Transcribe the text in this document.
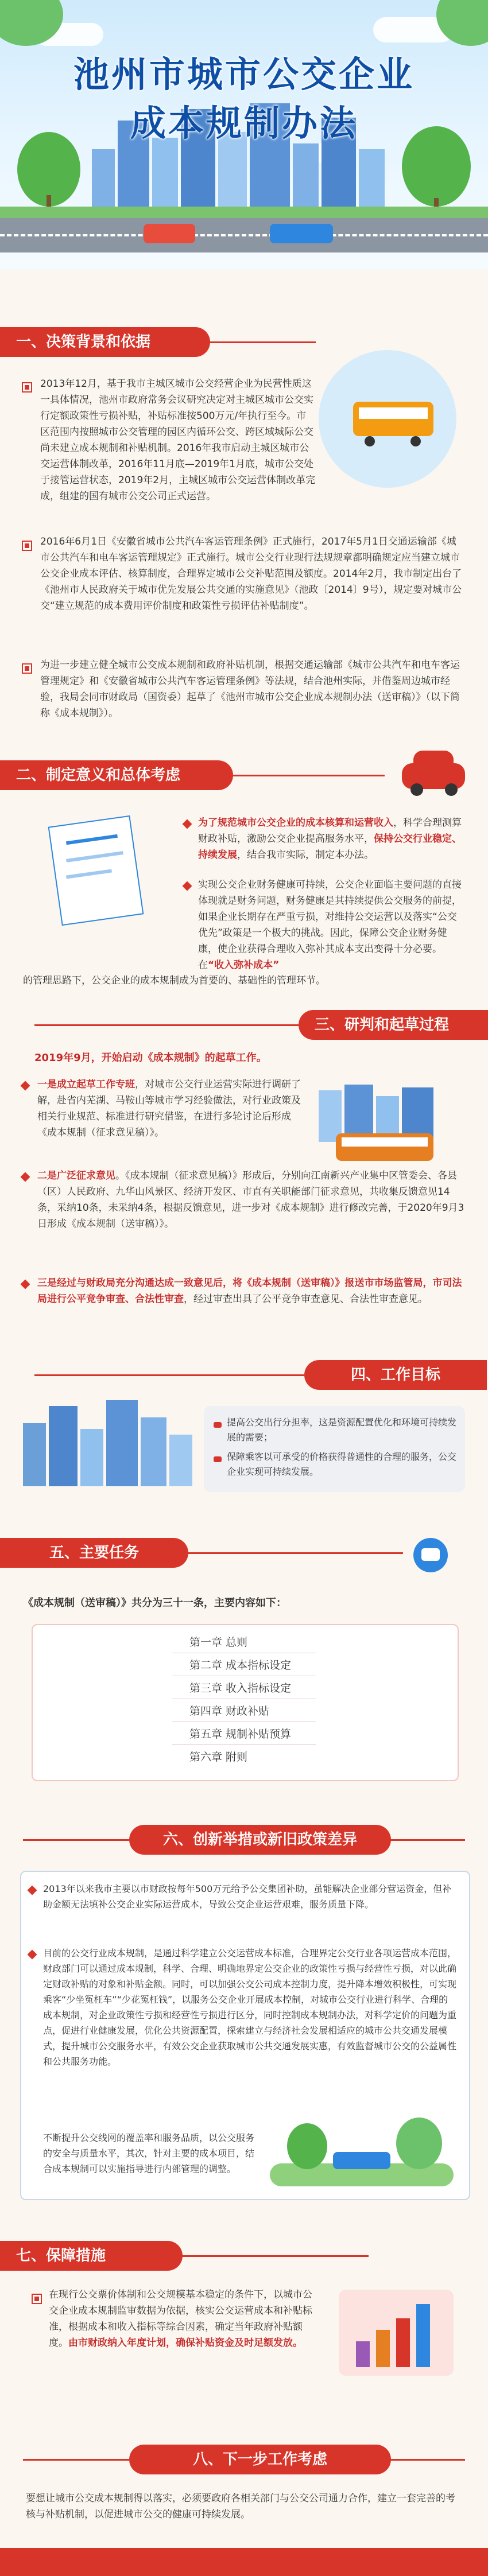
池州市城市公交企业
成本规制办法
一、决策背景和依据
2013年12月，基于我市主城区城市公交经营企业为民营性质这一具体情况，池州市政府常务会议研究决定对主城区城市公交实行定额政策性亏损补贴，补贴标准按500万元/年执行至今。市区范围内按照城市公交管理的园区内循环公交、跨区域城际公交尚未建立成本规制和补贴机制。2016年我市启动主城区城市公交运营体制改革，2016年11月底—2019年1月底，城市公交处于接管运营状态，2019年2月，主城区城市公交运营体制改革完成，组建的国有城市公交公司正式运营。
2016年6月1日《安徽省城市公共汽车客运管理条例》正式施行，2017年5月1日交通运输部《城市公共汽车和电车客运管理规定》正式施行。城市公交行业现行法规规章都明确规定应当建立城市公交企业成本评估、核算制度，合理界定城市公交补贴范围及额度。2014年2月，我市制定出台了《池州市人民政府关于城市优先发展公共交通的实施意见》（池政〔2014〕9号），规定要对城市公交“建立规范的成本费用评价制度和政策性亏损评估补贴制度”。
为进一步建立健全城市公交成本规制和政府补贴机制，根据交通运输部《城市公共汽车和电车客运管理规定》和《安徽省城市公共汽车客运管理条例》等法规，结合池州实际，并借鉴周边城市经验，我局会同市财政局（国资委）起草了《池州市城市公交企业成本规制办法（送审稿）》（以下简称《成本规制》）。
二、制定意义和总体考虑
为了规范城市公交企业的成本核算和运营收入，科学合理测算财政补贴，激励公交企业提高服务水平，保持公交行业稳定、持续发展，结合我市实际，制定本办法。
实现公交企业财务健康可持续，公交企业面临主要问题的直接体现就是财务问题，财务健康是其持续提供公交服务的前提，如果企业长期存在严重亏损，对维持公交运营以及落实“公交优先”政策是一个极大的挑战。因此，保障公交企业财务健康，使企业获得合理收入弥补其成本支出变得十分必要。在“收入弥补成本”
的管理思路下，公交企业的成本规制成为首要的、基础性的管理环节。
三、研判和起草过程
2019年9月，开始启动《成本规制》的起草工作。
一是成立起草工作专班，对城市公交行业运营实际进行调研了解，赴省内芜湖、马鞍山等城市学习经验做法，对行业政策及相关行业规范、标准进行研究借鉴，在进行多轮讨论后形成《成本规制（征求意见稿）》。
二是广泛征求意见。《成本规制（征求意见稿）》形成后，分别向江南新兴产业集中区管委会、各县（区）人民政府、九华山风景区、经济开发区、市直有关职能部门征求意见，共收集反馈意见14条，采纳10条，未采纳4条，根据反馈意见，进一步对《成本规制》进行修改完善，于2020年9月3日形成《成本规制（送审稿）》。
三是经过与财政局充分沟通达成一致意见后，将《成本规制（送审稿）》报送市市场监管局，市司法局进行公平竞争审查、合法性审查，经过审查出具了公平竞争审查意见、合法性审查意见。
四、工作目标
提高公交出行分担率，这是资源配置优化和环境可持续发展的需要；
保障乘客以可承受的价格获得普通性的合理的服务，公交企业实现可持续发展。
五、主要任务
《成本规制（送审稿）》共分为三十一条，主要内容如下：
第一章 总则
第二章 成本指标设定
第三章 收入指标设定
第四章 财政补贴
第五章 规制补贴预算
第六章 附则
六、创新举措或新旧政策差异
2013年以来我市主要以市财政按每年500万元给予公交集团补助，虽能解决企业部分营运资金，但补助金额无法填补公交企业实际运营成本，导致公交企业运营艰难，服务质量下降。
目前的公交行业成本规制，是通过科学建立公交运营成本标准，合理界定公交行业各项运营成本范围，财政部门可以通过成本规制，科学、合理、明确地界定公交企业的政策性亏损与经营性亏损，对以此确定财政补贴的对象和补贴金额。同时，可以加强公交公司成本控制力度，提升降本增效积极性，可实现乘客“少坐冤枉车”“少花冤枉钱”，以服务公交企业开展成本控制，对城市公交行业进行科学、合理的成本规制，对企业政策性亏损和经营性亏损进行区分，同时控制成本规制办法，对科学定价的问题为重点，促进行业健康发展，优化公共资源配置，探索建立与经济社会发展相适应的城市公共交通发展模式，提升城市公交服务水平，有效公交企业获取城市公共交通发展实惠，有效监督城市公交的公益属性和公共服务功能。
不断提升公交线网的覆盖率和服务品质，以公交服务的安全与质量水平，其次，针对主要的成本项目，结合成本规制可以实施指导进行内部管理的调整。
七、保障措施
在现行公交票价体制和公交规模基本稳定的条件下，以城市公交企业成本规制监审数据为依据，核实公交运营成本和补贴标准，根据成本和收入指标等综合因素，确定当年政府补贴额度。由市财政纳入年度计划，确保补贴资金及时足额发放。
八、下一步工作考虑
要想让城市公交成本规制得以落实，必须要政府各相关部门与公交公司通力合作，建立一套完善的考核与补贴机制，以促进城市公交的健康可持续发展。
